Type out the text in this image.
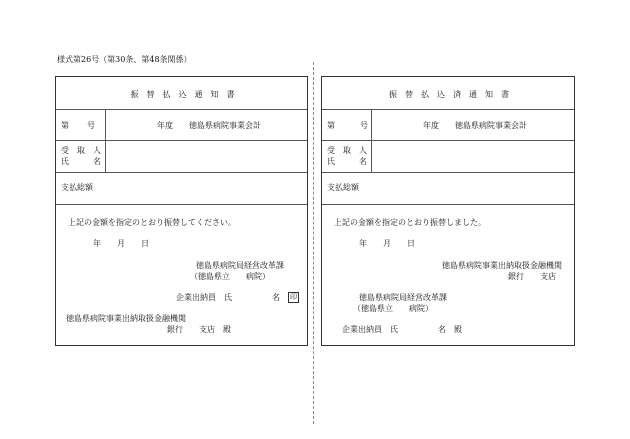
様式第26号（第30条、第48条関係）
振　替　払　込　通　知　書
第 号	年度　　徳島県病院事業会計
受　取　人
氏　　　名
支払総額
上記の金額を指定のとおり振替してください。
年　　月　　日
徳島県病院局経営改革課
（徳島県立　　病院）
企業出納員　氏　　　　　名 印
徳島県病院事業出納取扱金融機関
銀行　　支店　殿
振　替　払　込　済　通　知　書
第	号	年度　　徳島県病院事業会計
受　取　人
氏　　　名
支払総額
上記の金額を指定のとおり振替しました。
年　　月　　日
徳島県病院事業出納取扱金融機関
銀行　　支店
徳島県病院局経営改革課
（徳島県立　　病院）
企業出納員　氏　　　　　名　殿
